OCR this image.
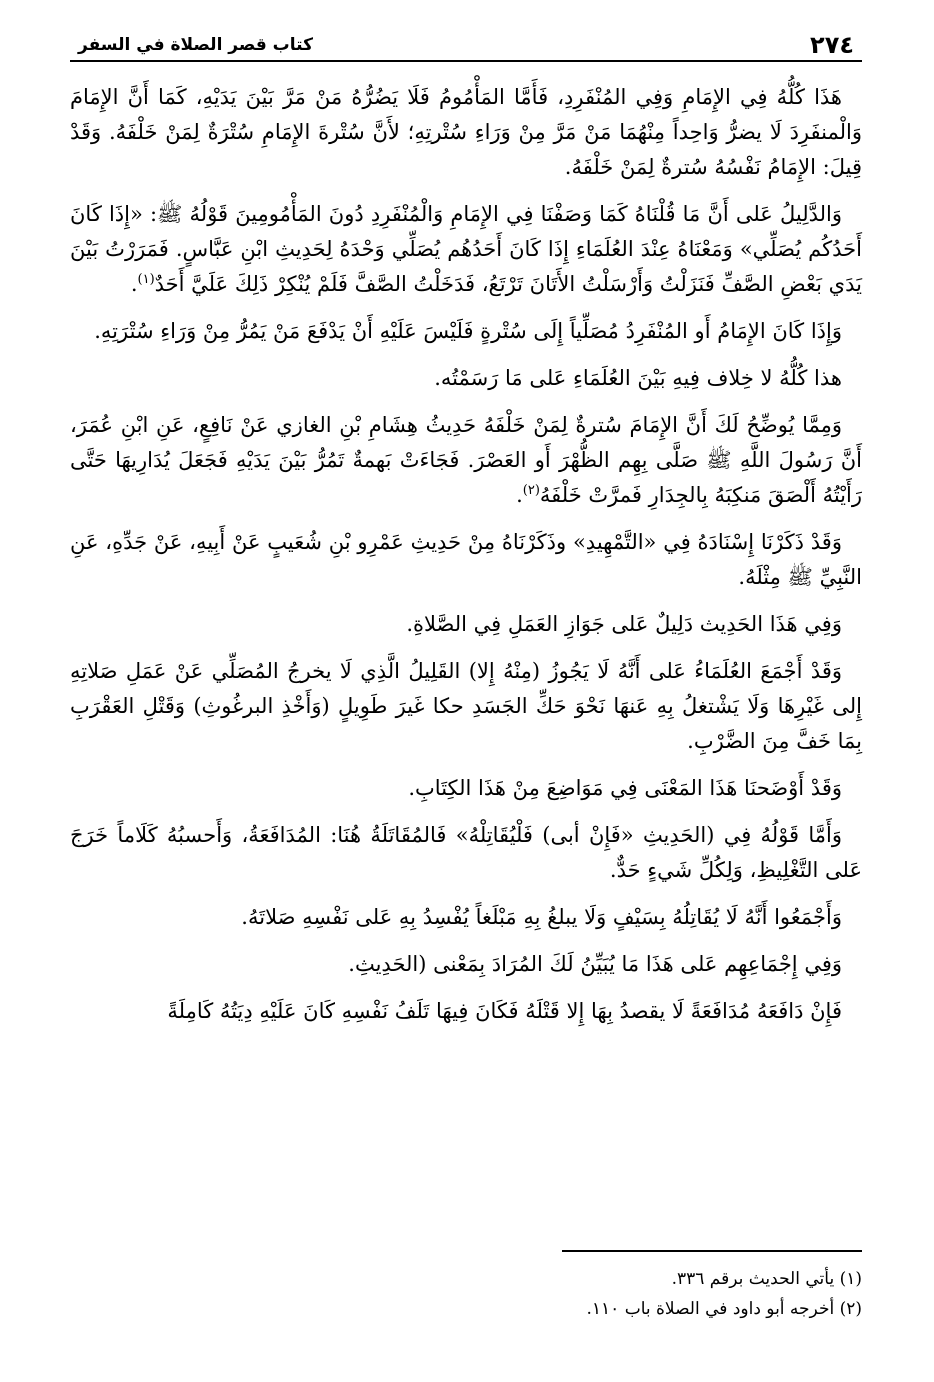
٢٧٤
كتاب قصر الصلاة في السفر

هَذَا كُلُّهُ فِي الإِمَامِ وَفِي المُنْفَرِدِ، فَأَمَّا المَأْمُومُ فَلَا يَضُرُّهُ مَنْ مَرَّ بَيْنَ يَدَيْهِ، كَمَا أَنَّ الإِمَامَ وَالْمنفَرِدَ لَا يضرُّ وَاحِداً مِنْهُمَا مَنْ مَرَّ مِنْ وَرَاءِ سُتْرتِهِ؛ لأَنَّ سُتْرةَ الإِمَامِ سُتْرَةٌ لِمَنْ خَلْفَهُ. وَقَدْ قِيلَ: الإِمَامُ نَفْسُهُ سُترةٌ لِمَنْ خَلْفَهُ.

وَالدَّلِيلُ عَلى أَنَّ مَا قُلْنَاهُ كَمَا وَصَفْنَا فِي الإِمَامِ وَالْمُنْفَرِدِ دُونَ المَأْمُومِينَ قَوْلُهُ ﷺ: «إِذَا كَانَ أَحَدُكُم يُصَلِّي» وَمَعْنَاهُ عِنْدَ العُلَمَاءِ إِذَا كَانَ أَحَدُهُم يُصَلِّي وَحْدَهُ لِحَدِيثِ ابْنِ عَبَّاسٍ. فَمَرَرْتُ بَيْنَ يَدَي بَعْضِ الصَّفِّ فَنَزَلْتُ وَأَرْسَلْتُ الأَتَانَ تَرْتَعُ، فَدَخَلْتُ الصَّفَّ فَلَمْ يُنْكِرْ ذَلِكَ عَلَيَّ أَحَدٌ$^{(١)}$.

وَإِذَا كَانَ الإِمَامُ أَو المُنْفَرِدُ مُصَلِّياً إِلَى سُتْرةٍ فَلَيْسَ عَلَيْهِ أَنْ يَدْفَعَ مَنْ يَمُرُّ مِنْ وَرَاءِ سُتْرَتِهِ.

هذا كُلُّهُ لا خِلاف فِيهِ بَيْنَ العُلَمَاءِ عَلى مَا رَسَمْتُه.

وَمِمَّا يُوضِّحُ لَكَ أَنَّ الإِمَامَ سُترةٌ لِمَنْ خَلْفَهُ حَدِيثُ هِشَامِ بْنِ الغازي عَنْ نَافِعٍ، عَنِ ابْنِ عُمَرَ، أَنَّ رَسُولَ اللَّهِ ﷺ صَلَّى بِهِم الظُّهْرَ أَو العَصْرَ. فَجَاءَتْ بَهمةٌ تَمُرُّ بَيْنَ يَدَيْهِ فَجَعَلَ يُدَارِيهَا حَتَّى رَأَيْتُهُ أَلْصَقَ مَنكِبَهُ بِالجِدَارِ فَمرَّتْ خَلْفَهُ$^{(٢)}$.

وَقَدْ ذَكَرْنَا إِسْنَادَهُ فِي «التَّمْهِيدِ» وذَكَرْنَاهُ مِنْ حَدِيثِ عَمْرِو بْنِ شُعَيبٍ عَنْ أَبِيهِ، عَنْ جَدِّهِ، عَنِ النَّبِيِّ ﷺ مِثْلَهُ.

وَفِي هَذَا الحَدِيث دَلِيلٌ عَلى جَوَازِ العَمَلِ فِي الصَّلاةِ.

وَقَدْ أَجْمَعَ العُلَمَاءُ عَلى أَنَّهُ لَا يَجُوزُ (مِنْهُ إِلا) القَلِيلُ الَّذِي لَا يخرجُ المُصَلِّي عَنْ عَمَلِ صَلاتِهِ إِلى غَيْرِهَا وَلَا يَشْتغلُ بِهِ عَنهَا نَحْوَ حَكِّ الجَسَدِ حكا غَيرَ طَوِيلٍ (وَأَخْذِ البرغُوثِ) وَقَتْلِ العَقْرَبِ بِمَا خَفَّ مِنَ الضَّرْبِ.

وَقَدْ أَوْضَحنَا هَذَا المَعْنَى فِي مَوَاضِعَ مِنْ هَذَا الكِتَابِ.

وَأَمَّا قَوْلُهُ فِي (الحَدِيثِ «فَإِنْ أبى) فَلْيُقَاتِلْهُ» فَالمُقَاتَلَةُ هُنَا: المُدَافَعَةُ، وَأَحسبُهُ كَلَاماً خَرَجَ عَلى التَّغْلِيظِ، وَلِكُلِّ شَيءٍ حَدٌّ.

وَأَجْمَعُوا أَنَّهُ لَا يُقَاتِلُهُ بِسَيْفٍ وَلَا يبلغُ بِهِ مَبْلَغاً يُفْسِدُ بِهِ عَلى نَفْسِهِ صَلاتَهُ.

وَفِي إِجْمَاعِهِم عَلى هَذَا مَا يُبَيِّنُ لَكَ المُرَادَ بِمَعْنى (الحَدِيثِ.

فَإِنْ دَافَعَهُ مُدَافَعَةً لَا يقصدُ بِهَا إِلا قَتْلَهُ فَكَانَ فِيهَا تَلَفُ نَفْسِهِ كَانَ عَلَيْهِ دِيَتُهُ كَامِلَةً

(١) يأتي الحديث برقم ٣٣٦.

(٢) أخرجه أبو داود في الصلاة باب ١١٠.
